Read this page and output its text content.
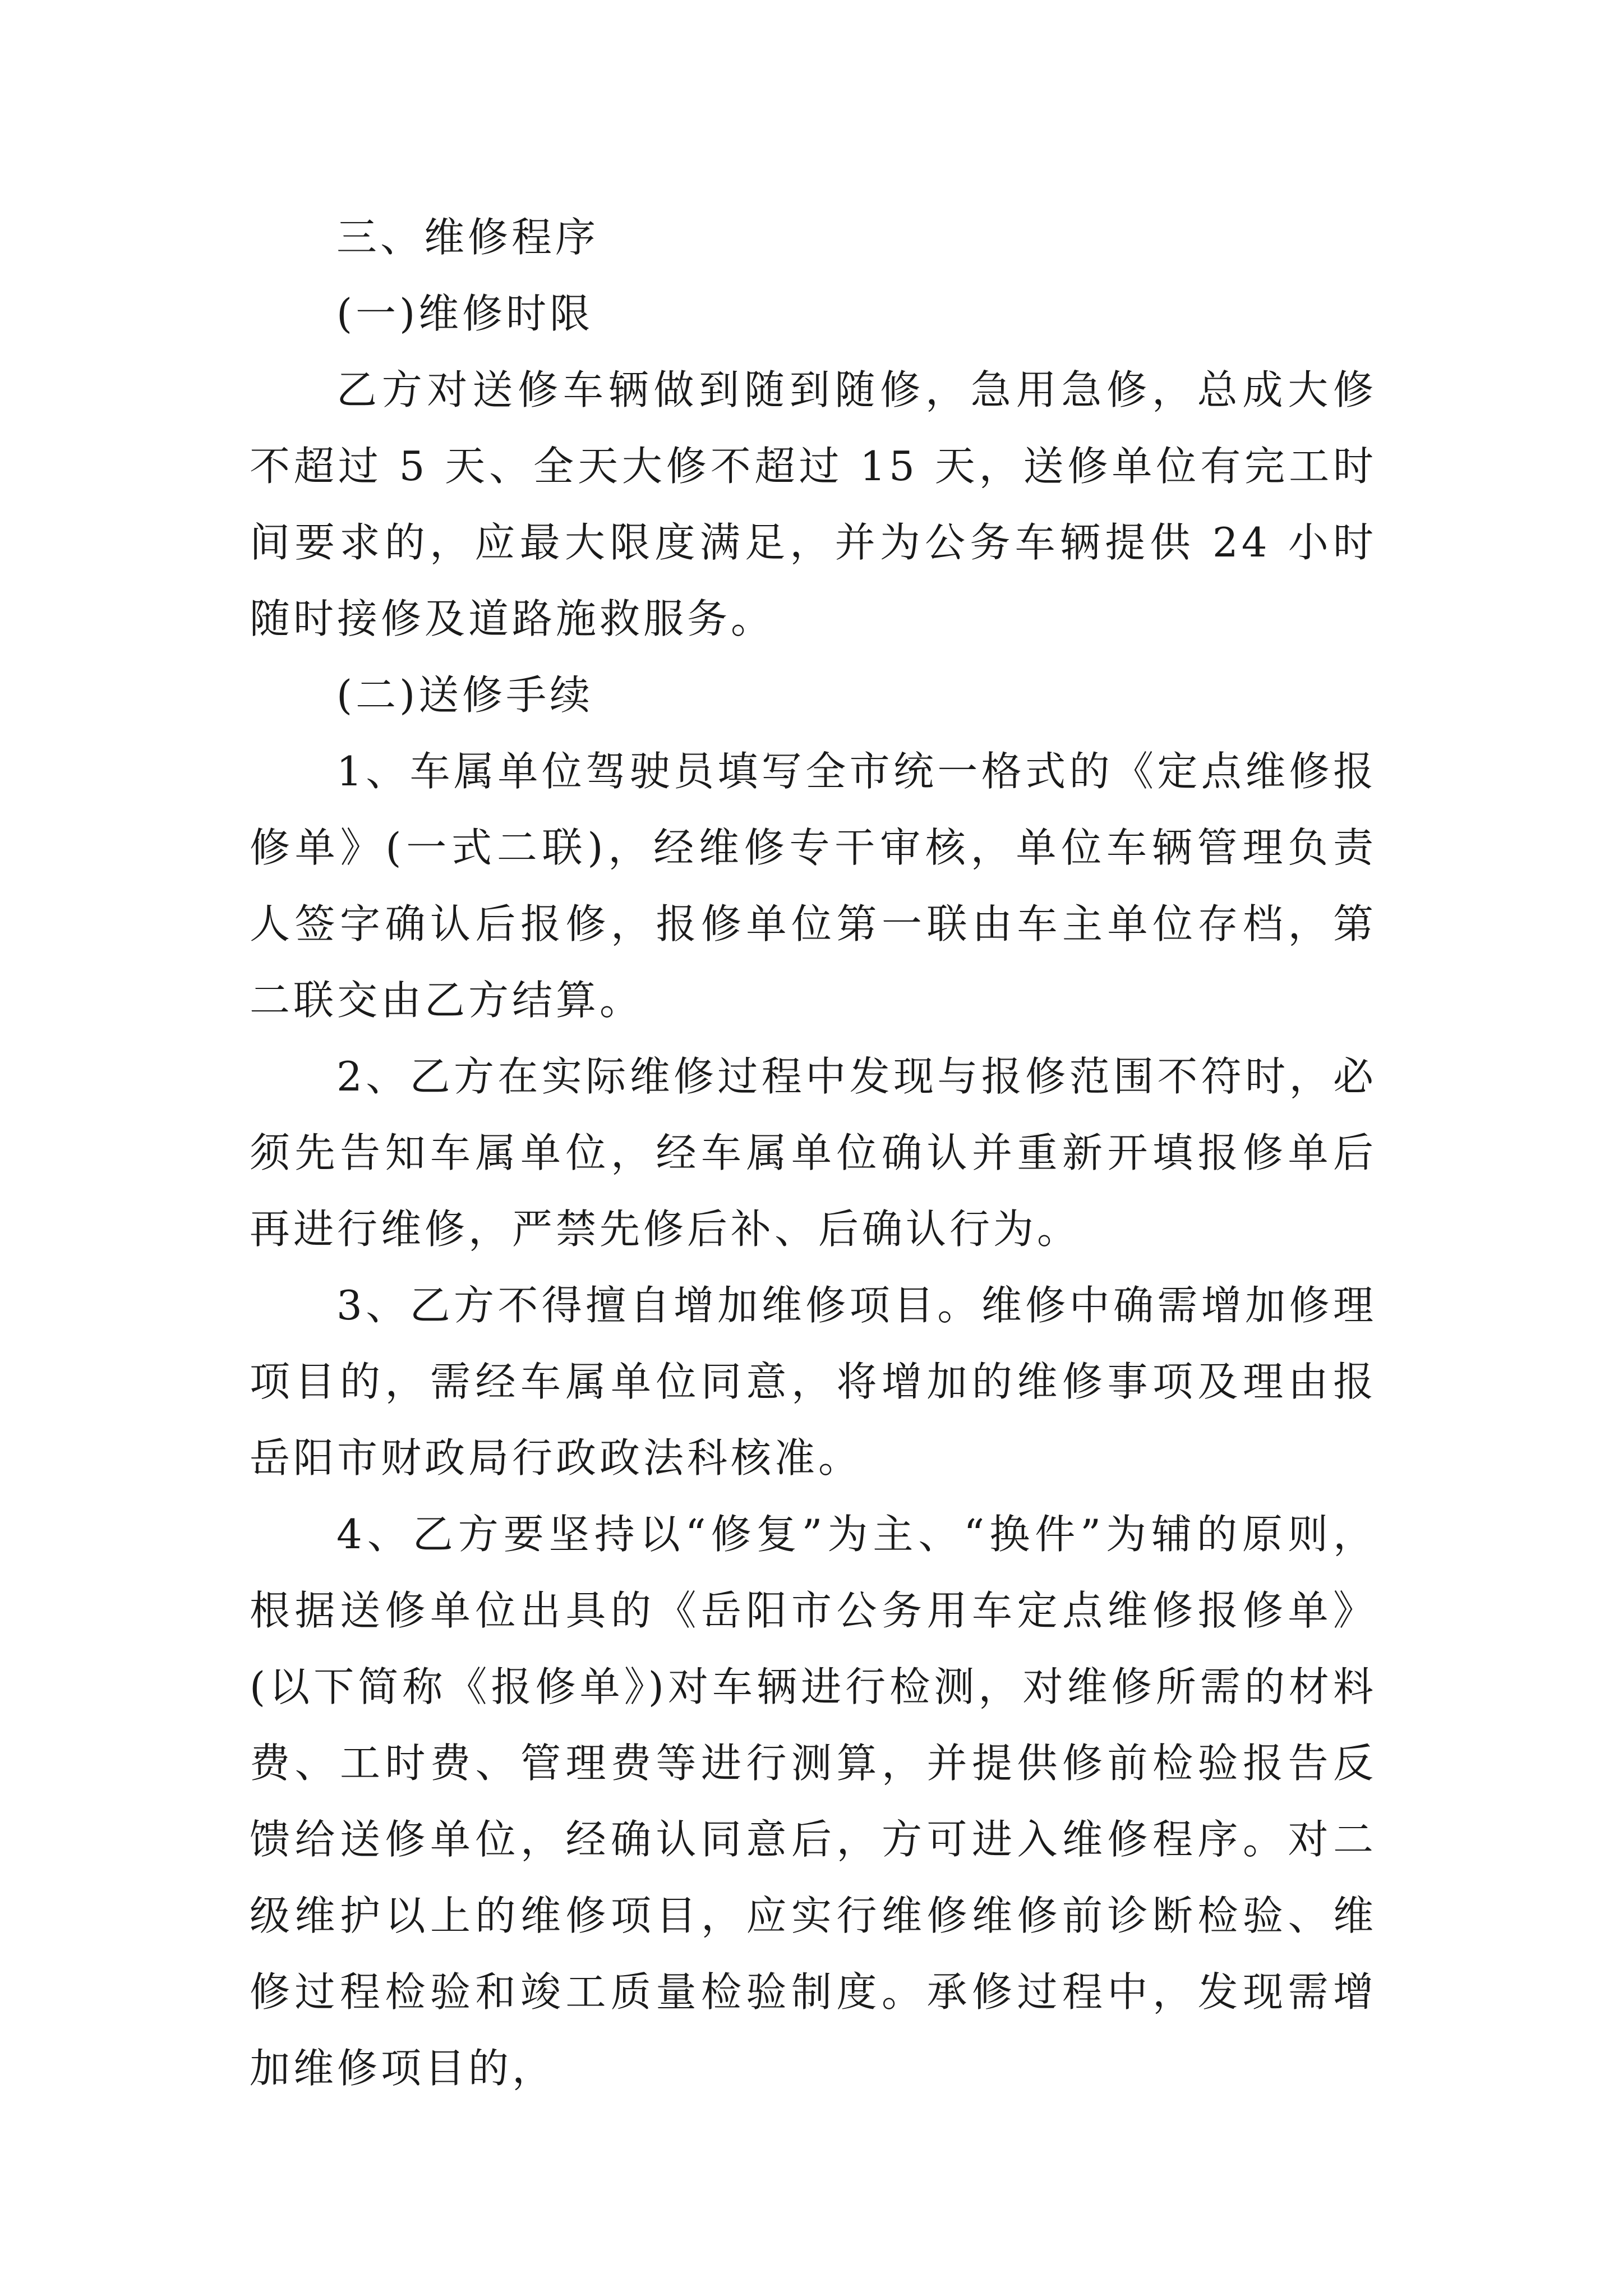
三、维修程序

(一)维修时限

乙方对送修车辆做到随到随修，急用急修，总成大修不超过 5 天、全天大修不超过 15 天，送修单位有完工时间要求的，应最大限度满足，并为公务车辆提供 24 小时随时接修及道路施救服务。

(二)送修手续

1、车属单位驾驶员填写全市统一格式的《定点维修报修单》(一式二联)，经维修专干审核，单位车辆管理负责人签字确认后报修，报修单位第一联由车主单位存档，第二联交由乙方结算。

2、乙方在实际维修过程中发现与报修范围不符时，必须先告知车属单位，经车属单位确认并重新开填报修单后再进行维修，严禁先修后补、后确认行为。

3、乙方不得擅自增加维修项目。维修中确需增加修理项目的，需经车属单位同意，将增加的维修事项及理由报岳阳市财政局行政政法科核准。

4、乙方要坚持以“修复”为主、“换件”为辅的原则，根据送修单位出具的《岳阳市公务用车定点维修报修单》(以下简称《报修单》)对车辆进行检测，对维修所需的材料费、工时费、管理费等进行测算，并提供修前检验报告反馈给送修单位，经确认同意后，方可进入维修程序。对二级维护以上的维修项目，应实行维修维修前诊断检验、维修过程检验和竣工质量检验制度。承修过程中，发现需增加维修项目的，
